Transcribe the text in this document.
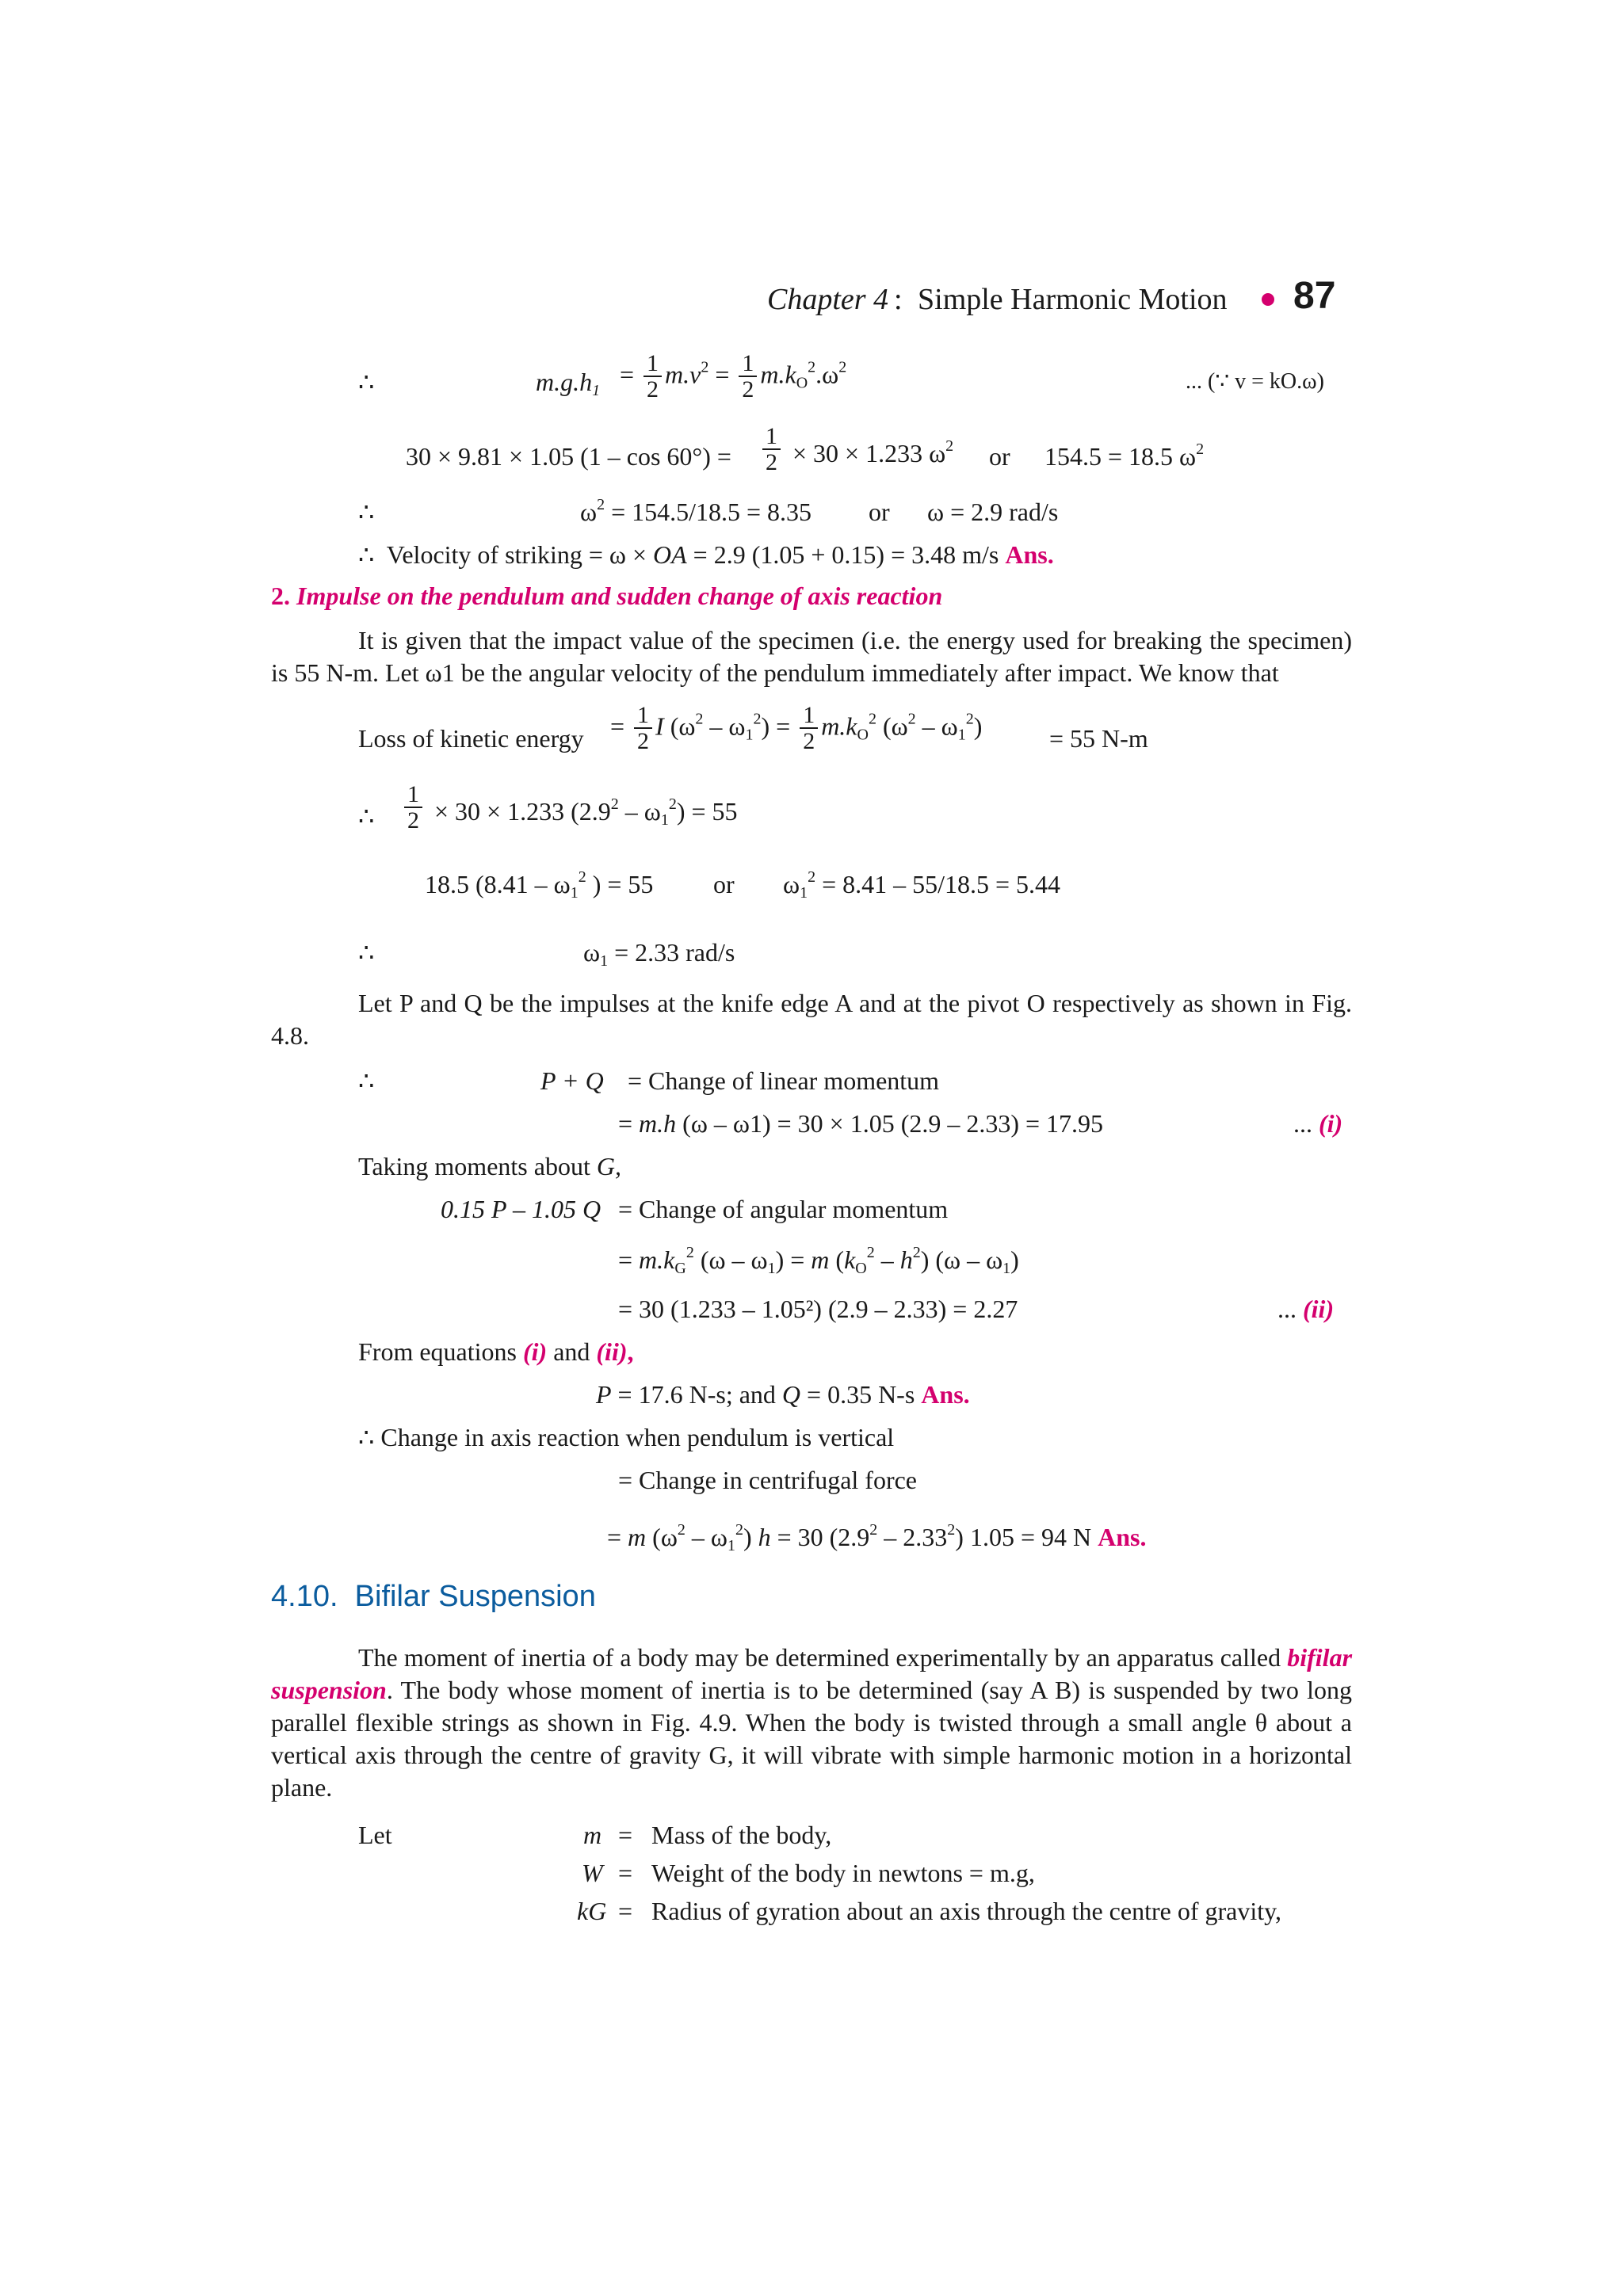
Chapter 4 : Simple Harmonic Motion 87
∴	$m.g.h_1$
= $\frac{1}{2} m.v^2 = \frac{1}{2} m.k_O^2.\omega^2$
... (∵ v = kO.ω)
30 × 9.81 × 1.05 $(1 - \cos 60^\circ) = \frac{1}{2} \times 30 \times 1.233$ $\omega^2$ or 154.5 = 18.5 $\omega^2$
∴	$\omega^2 = 154.5/18.5 = 8.35$ or ω = 2.9 rad/s
∴ Velocity of striking = ω × OA = 2.9 (1.05 + 0.15) = 3.48 m/s Ans.
2. Impulse on the pendulum and sudden change of axis reaction
It is given that the impact value of the specimen (i.e. the energy used for breaking the specimen) is 55 N-m. Let ω1 be the angular velocity of the pendulum immediately after impact. We know that
Loss of kinetic energy = $\frac{1}{2}$ I $(\omega^2 - \omega_1^2) = \frac{1}{2} m.k_O^2$ $(\omega^2 - \omega_1^2)$	= 55 N-m
∴ $\frac{1}{2} \times 30 \times 1.233$ $(2.9^2 - \omega_1^2) = 55$
18.5 ($8.41 - \omega_1^2$ ) = 55 or $\omega_1^2 = 8.41 - 55/18.5 = 5.44$
∴	$\omega_1 = 2.33$ rad/s
Let P and Q be the impulses at the knife edge A and at the pivot O respectively as shown in Fig. 4.8.
∴	P + Q = Change of linear momentum
= m.h (ω – ω1) = 30 × 1.05 (2.9 – 2.33) = 17.95	... (i)
Taking moments about G,
0.15 P – 1.05 Q = Change of angular momentum
= $m.k_G^2$ $(\omega - \omega_1) = m$ $(k_O^2 - h^2)$ $(\omega - \omega_1)$
= 30 (1.233 – 1.05²) (2.9 – 2.33) = 2.27	... (ii)
From equations (i) and (ii),
P = 17.6 N-s; and Q = 0.35 N-s Ans.
∴ Change in axis reaction when pendulum is vertical
= Change in centrifugal force
= m $(\omega^2 - \omega_1^2) h = 30$ $(2.9^2 - 2.33^2) 1.05 = 94$ N Ans.
4.10. Bifilar Suspension
The moment of inertia of a body may be determined experimentally by an apparatus called bifilar suspension. The body whose moment of inertia is to be determined (say A B) is suspended by two long parallel flexible strings as shown in Fig. 4.9. When the body is twisted through a small angle θ about a vertical axis through the centre of gravity G, it will vibrate with simple harmonic motion in a horizontal plane.
Let	m = Mass of the body,
W = Weight of the body in newtons = m.g,
kG = Radius of gyration about an axis through the centre of gravity,
